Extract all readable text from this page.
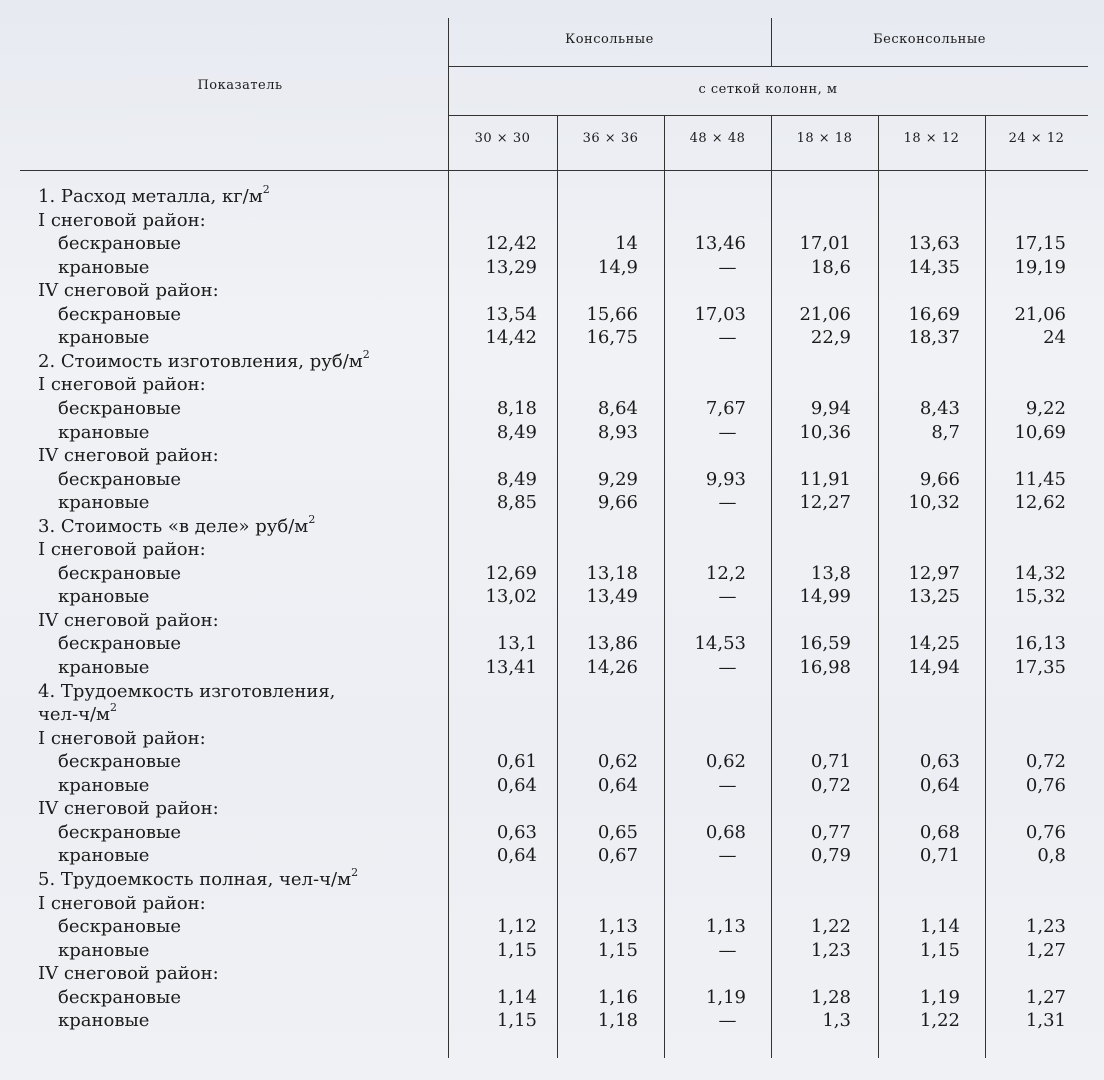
Показатель
Консольные	Бесконсольные
с сеткой колонн, м
30 × 30	36 × 36	48 × 48	18 × 18	18 × 12	24 × 12
1. Расход металла, $кг/м^2$
I снеговой район:
бескрановые	12,42	14	13,46	17,01	13,63	17,15
крановые	13,29	14,9	—	18,6	14,35	19,19
IV снеговой район:
бескрановые	13,54	15,66	17,03	21,06	16,69	21,06
крановые	14,42	16,75	—	22,9	18,37	24
2. Стоимость изготовления, руб/$м^2$
I снеговой район:
бескрановые	8,18	8,64	7,67	9,94	8,43	9,22
крановые	8,49	8,93	—	10,36	8,7	10,69
IV снеговой район:
бескрановые	8,49	9,29	9,93	11,91	9,66	11,45
крановые	8,85	9,66	—	12,27	10,32	12,62
3. Стоимость «в деле» руб/$м^2$
I снеговой район:
бескрановые	12,69	13,18	12,2	13,8	12,97	14,32
крановые	13,02	13,49	—	14,99	13,25	15,32
IV снеговой район:
бескрановые	13,1	13,86	14,53	16,59	14,25	16,13
крановые	13,41	14,26	—	16,98	14,94	17,35
4. Трудоемкость изготовления,
чел-$ч/м^2$
I снеговой район:
бескрановые	0,61	0,62	0,62	0,71	0,63	0,72
крановые	0,64	0,64	—	0,72	0,64	0,76
IV снеговой район:
бескрановые	0,63	0,65	0,68	0,77	0,68	0,76
крановые	0,64	0,67	—	0,79	0,71	0,8
5. Трудоемкость полная, чел-$ч/м^2$
I снеговой район:
бескрановые	1,12	1,13	1,13	1,22	1,14	1,23
крановые	1,15	1,15	—	1,23	1,15	1,27
IV снеговой район:
бескрановые	1,14	1,16	1,19	1,28	1,19	1,27
крановые	1,15	1,18	—	1,3	1,22	1,31
